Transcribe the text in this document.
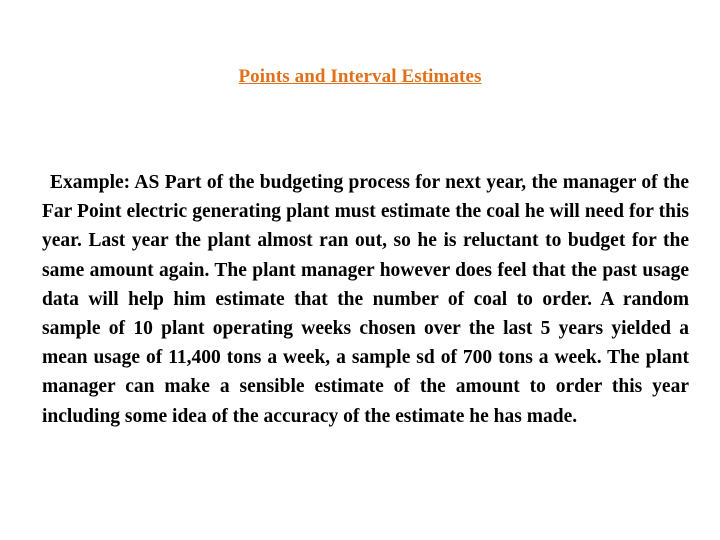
Points and Interval Estimates

Example: AS Part of the budgeting process for next year, the manager of the Far Point electric generating plant must estimate the coal he will need for this year. Last year the plant almost ran out, so he is reluctant to budget for the same amount again. The plant manager however does feel that the past usage data will help him estimate that the number of coal to order. A random sample of 10 plant operating weeks chosen over the last 5 years yielded a mean usage of 11,400 tons a week, a sample sd of 700 tons a week. The plant manager can make a sensible estimate of the amount to order this year including some idea of the accuracy of the estimate he has made.
